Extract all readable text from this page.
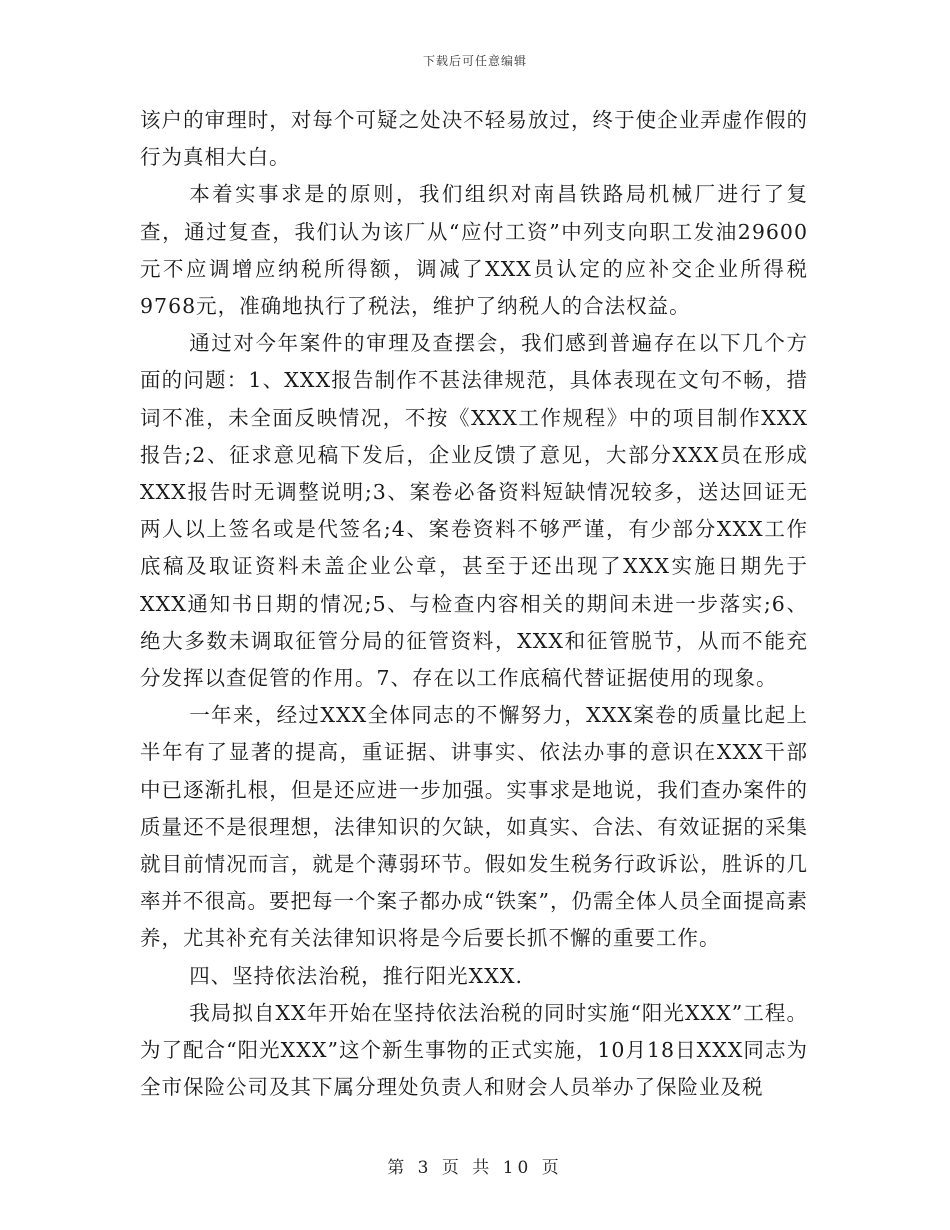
下载后可任意编辑

该户的审理时，对每个可疑之处决不轻易放过，终于使企业弄虚作假的行为真相大白。

本着实事求是的原则，我们组织对南昌铁路局机械厂进行了复查，通过复查，我们认为该厂从“应付工资”中列支向职工发油29600元不应调增应纳税所得额，调减了XXX员认定的应补交企业所得税9768元，准确地执行了税法，维护了纳税人的合法权益。

通过对今年案件的审理及查摆会，我们感到普遍存在以下几个方面的问题：1、XXX报告制作不甚法律规范，具体表现在文句不畅，措词不准，未全面反映情况，不按《XXX工作规程》中的项目制作XXX报告;2、征求意见稿下发后，企业反馈了意见，大部分XXX员在形成XXX报告时无调整说明;3、案卷必备资料短缺情况较多，送达回证无两人以上签名或是代签名;4、案卷资料不够严谨，有少部分XXX工作底稿及取证资料未盖企业公章，甚至于还出现了XXX实施日期先于XXX通知书日期的情况;5、与检查内容相关的期间未进一步落实;6、绝大多数未调取征管分局的征管资料，XXX和征管脱节，从而不能充分发挥以查促管的作用。7、存在以工作底稿代替证据使用的现象。

一年来，经过XXX全体同志的不懈努力，XXX案卷的质量比起上半年有了显著的提高，重证据、讲事实、依法办事的意识在XXX干部中已逐渐扎根，但是还应进一步加强。实事求是地说，我们查办案件的质量还不是很理想，法律知识的欠缺，如真实、合法、有效证据的采集就目前情况而言，就是个薄弱环节。假如发生税务行政诉讼，胜诉的几率并不很高。要把每一个案子都办成“铁案”，仍需全体人员全面提高素养，尤其补充有关法律知识将是今后要长抓不懈的重要工作。

四、坚持依法治税，推行阳光XXX.

我局拟自XX年开始在坚持依法治税的同时实施“阳光XXX”工程。为了配合“阳光XXX”这个新生事物的正式实施，10月18日XXX同志为全市保险公司及其下属分理处负责人和财会人员举办了保险业及税

第 3 页 共 10 页
